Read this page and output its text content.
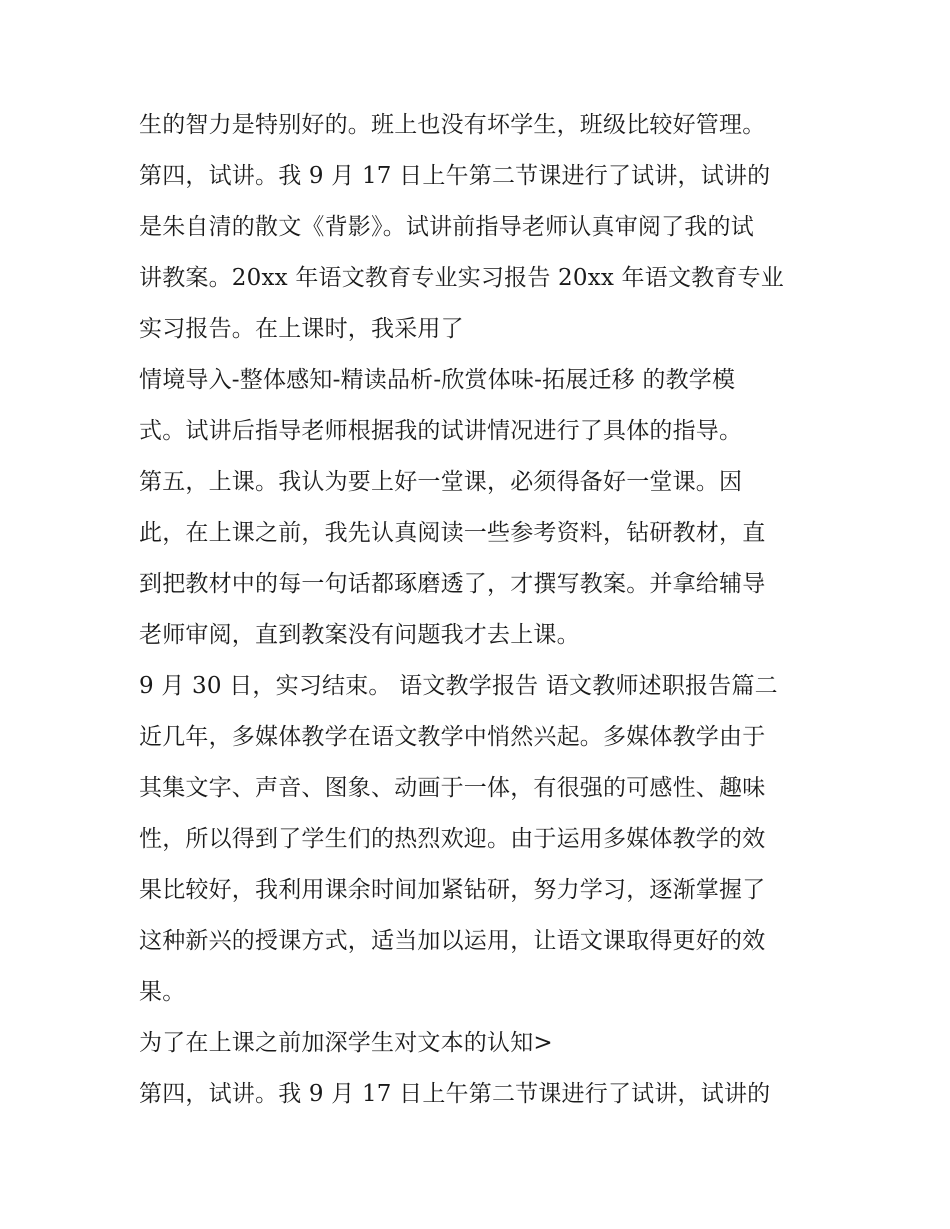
生的智力是特别好的。班上也没有坏学生，班级比较好管理。
第四，试讲。我 9 月 17 日上午第二节课进行了试讲，试讲的
是朱自清的散文《背影》。试讲前指导老师认真审阅了我的试
讲教案。20xx 年语文教育专业实习报告 20xx 年语文教育专业
实习报告。在上课时，我采用了
情境导入-整体感知-精读品析-欣赏体味-拓展迁移 的教学模
式。试讲后指导老师根据我的试讲情况进行了具体的指导。
第五，上课。我认为要上好一堂课，必须得备好一堂课。因
此，在上课之前，我先认真阅读一些参考资料，钻研教材，直
到把教材中的每一句话都琢磨透了，才撰写教案。并拿给辅导
老师审阅，直到教案没有问题我才去上课。
9 月 30 日，实习结束。 语文教学报告 语文教师述职报告篇二
近几年，多媒体教学在语文教学中悄然兴起。多媒体教学由于
其集文字、声音、图象、动画于一体，有很强的可感性、趣味
性，所以得到了学生们的热烈欢迎。由于运用多媒体教学的效
果比较好，我利用课余时间加紧钻研，努力学习，逐渐掌握了
这种新兴的授课方式，适当加以运用，让语文课取得更好的效
果。
为了在上课之前加深学生对文本的认知>
第四，试讲。我 9 月 17 日上午第二节课进行了试讲，试讲的
